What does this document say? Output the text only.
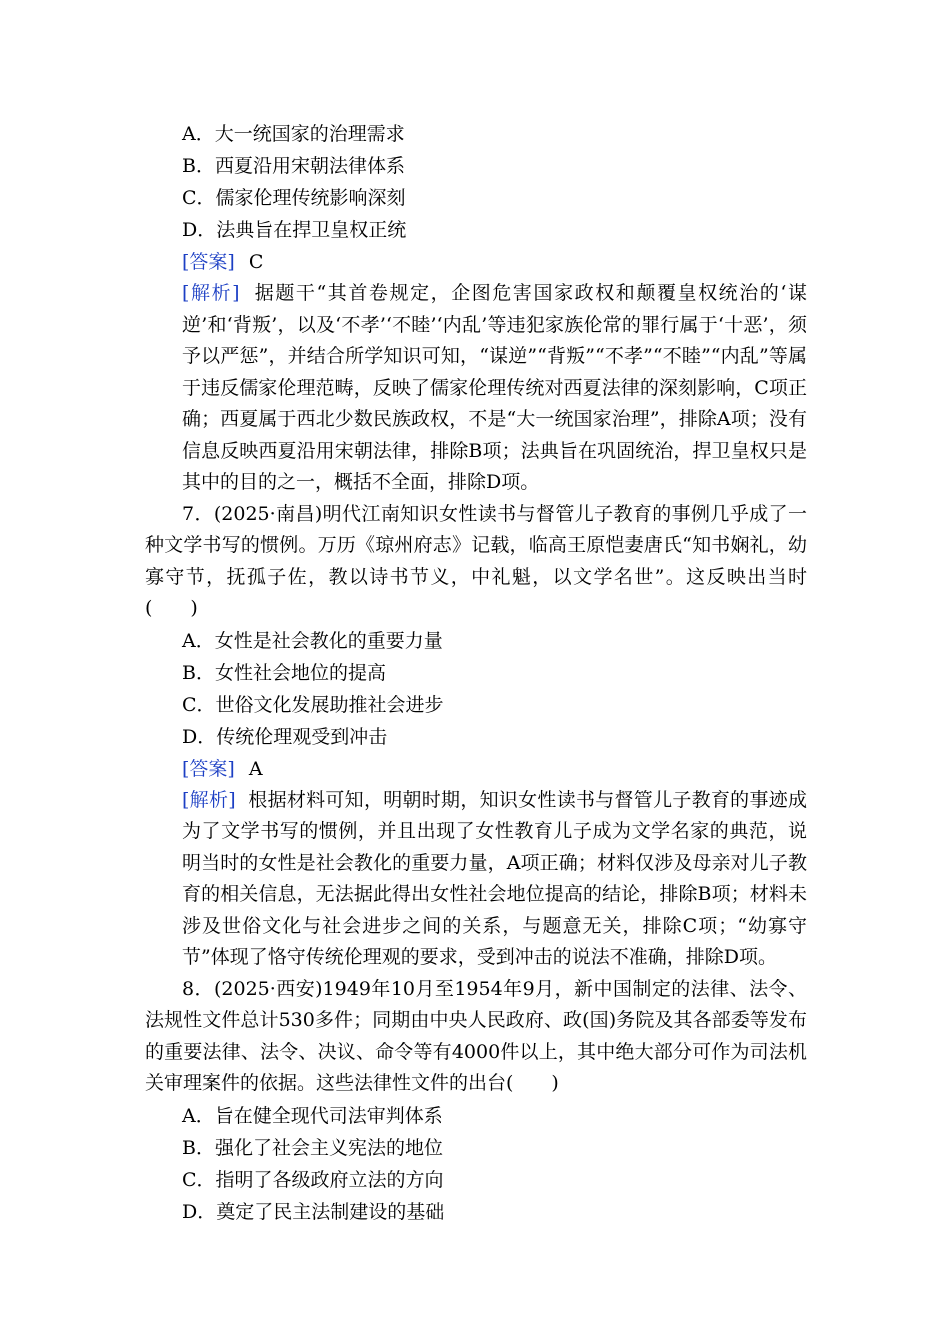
A．大一统国家的治理需求
B．西夏沿用宋朝法律体系
C．儒家伦理传统影响深刻
D．法典旨在捍卫皇权正统
[答案] C
[解析] 据题干“其首卷规定，企图危害国家政权和颠覆皇权统治的‘谋逆’和‘背叛’，以及‘不孝’‘不睦’‘内乱’等违犯家族伦常的罪行属于‘十恶’，须予以严惩”，并结合所学知识可知，“谋逆”“背叛”“不孝”“不睦”“内乱”等属于违反儒家伦理范畴，反映了儒家伦理传统对西夏法律的深刻影响，C项正确；西夏属于西北少数民族政权，不是“大一统国家治理”，排除A项；没有信息反映西夏沿用宋朝法律，排除B项；法典旨在巩固统治，捍卫皇权只是其中的目的之一，概括不全面，排除D项。
7．(2025·南昌)明代江南知识女性读书与督管儿子教育的事例几乎成了一种文学书写的惯例。万历《琼州府志》记载，临高王原恺妻唐氏“知书娴礼，幼寡守节，抚孤子佐，教以诗书节义，中礼魁，以文学名世”。这反映出当时(　　)
A．女性是社会教化的重要力量
B．女性社会地位的提高
C．世俗文化发展助推社会进步
D．传统伦理观受到冲击
[答案] A
[解析] 根据材料可知，明朝时期，知识女性读书与督管儿子教育的事迹成为了文学书写的惯例，并且出现了女性教育儿子成为文学名家的典范，说明当时的女性是社会教化的重要力量，A项正确；材料仅涉及母亲对儿子教育的相关信息，无法据此得出女性社会地位提高的结论，排除B项；材料未涉及世俗文化与社会进步之间的关系，与题意无关，排除C项；“幼寡守节”体现了恪守传统伦理观的要求，受到冲击的说法不准确，排除D项。
8．(2025·西安)1949年10月至1954年9月，新中国制定的法律、法令、法规性文件总计530多件；同期由中央人民政府、政(国)务院及其各部委等发布的重要法律、法令、决议、命令等有4000件以上，其中绝大部分可作为司法机关审理案件的依据。这些法律性文件的出台(　　)
A．旨在健全现代司法审判体系
B．强化了社会主义宪法的地位
C．指明了各级政府立法的方向
D．奠定了民主法制建设的基础
